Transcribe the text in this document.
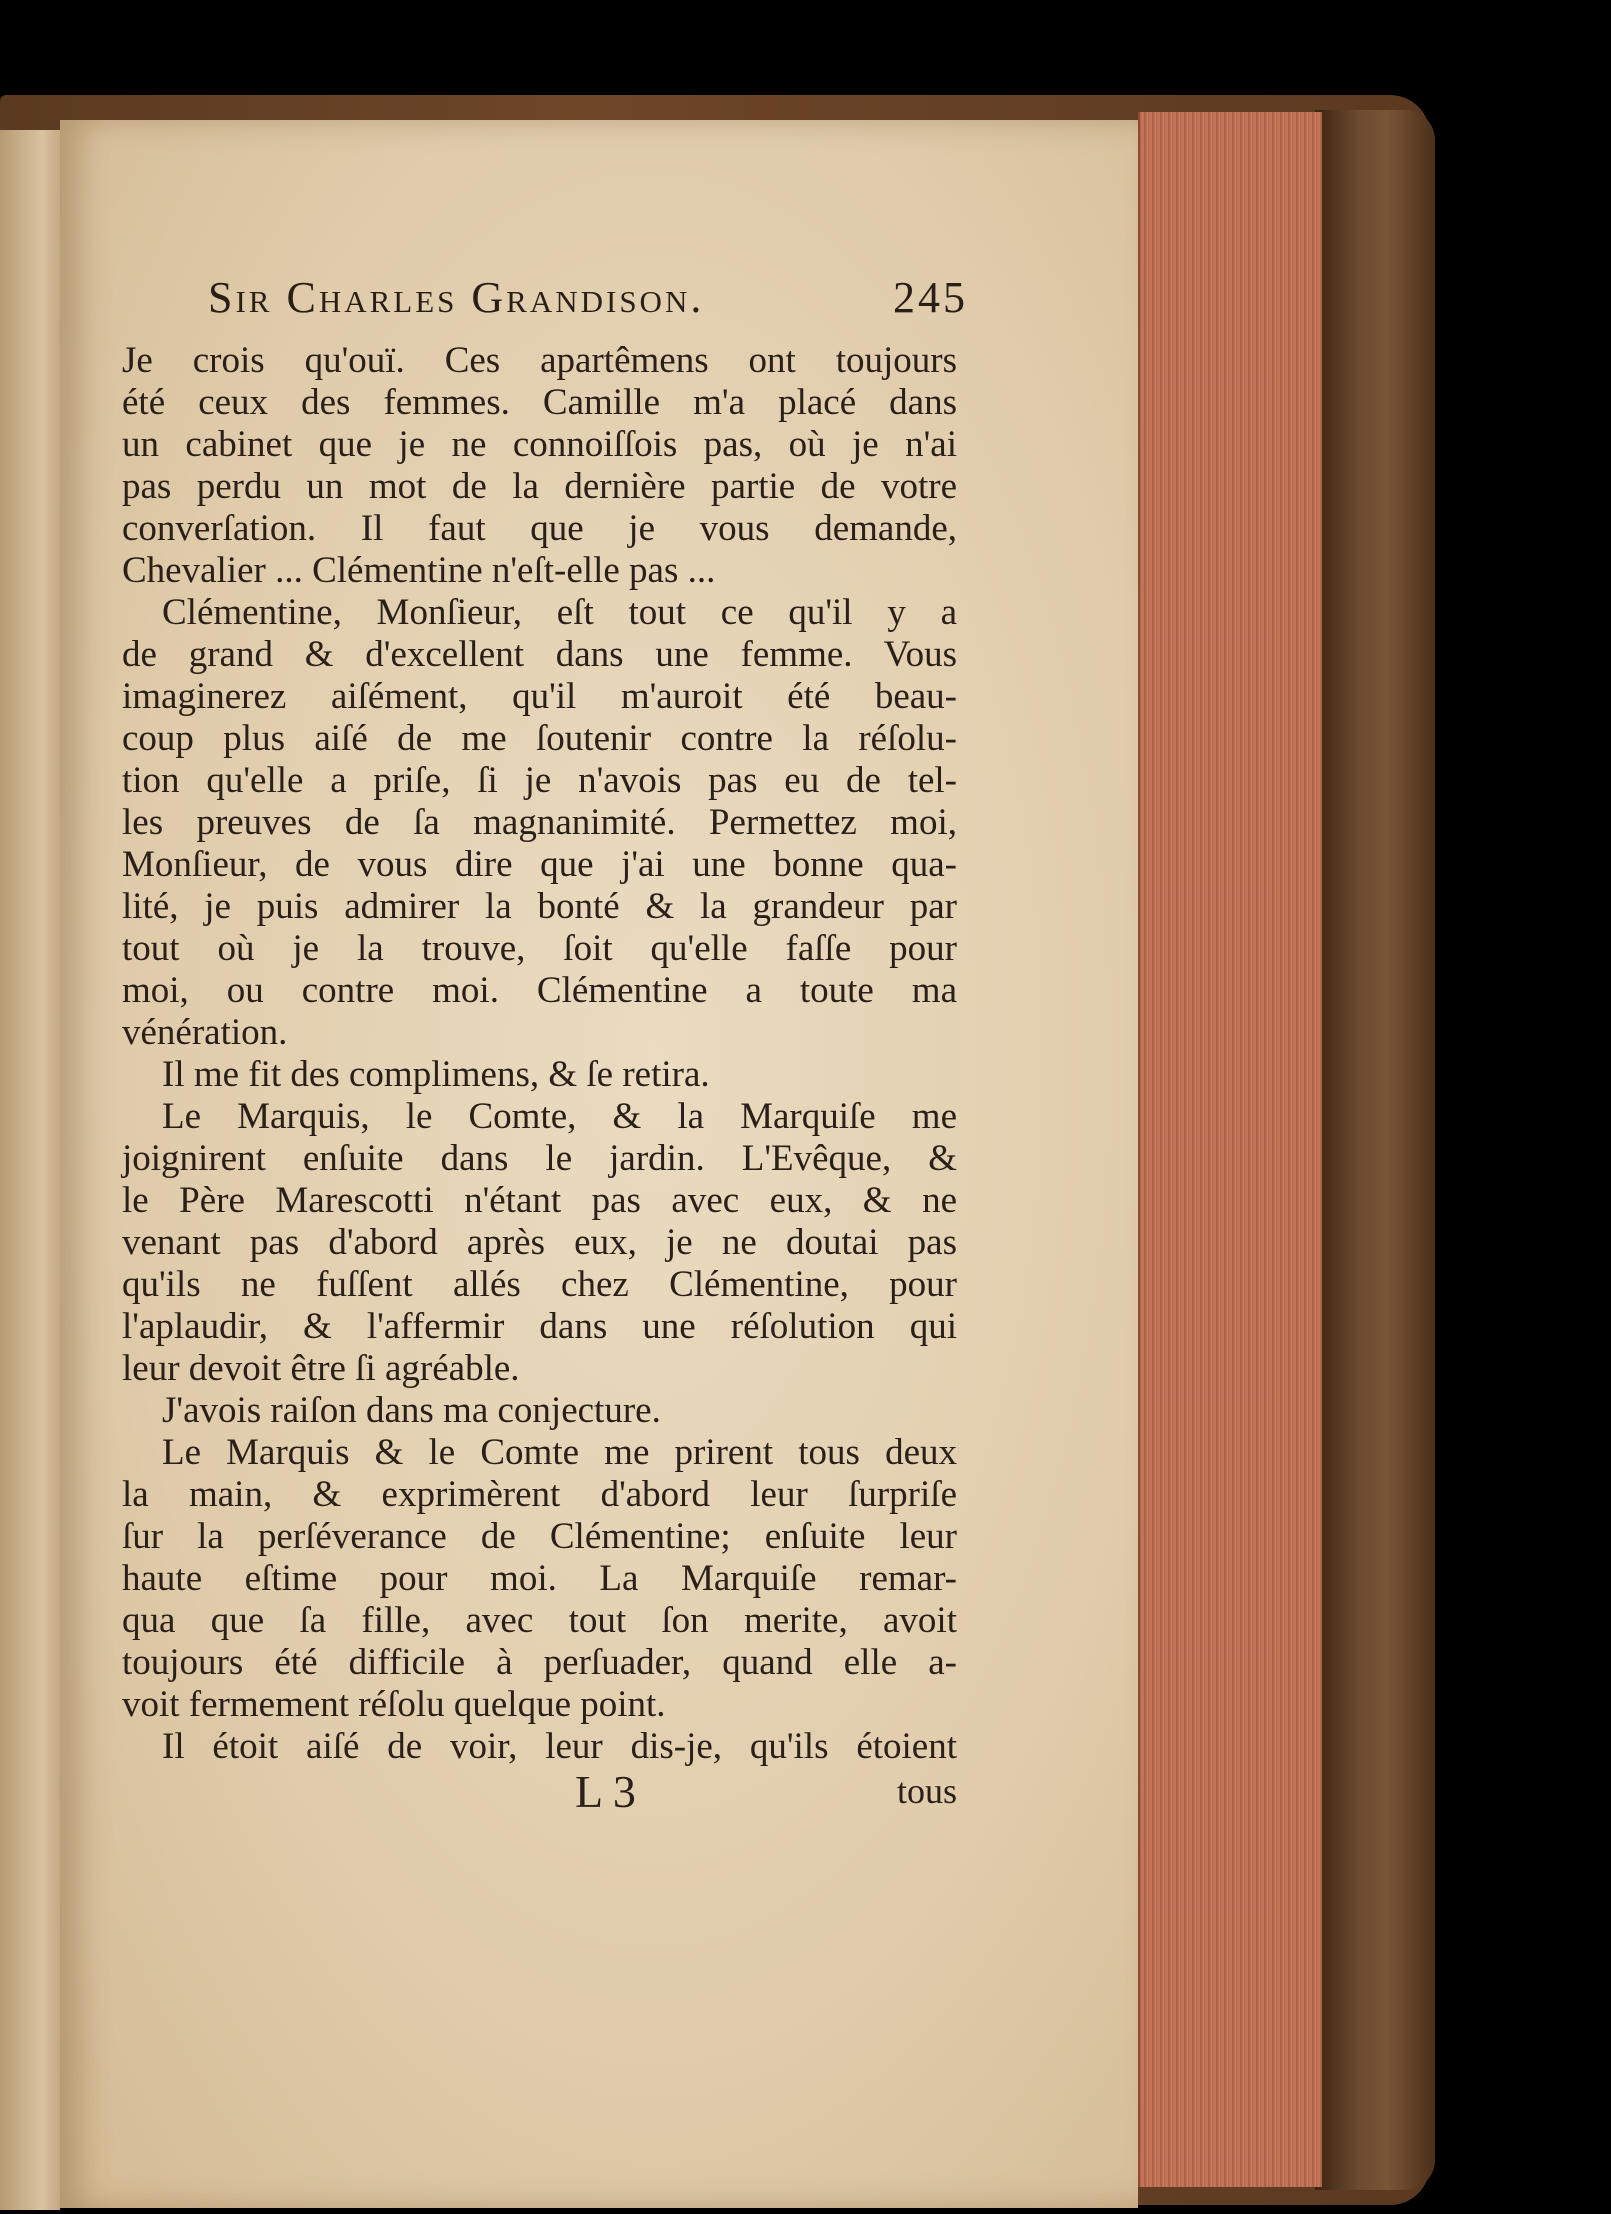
Sir Charles Grandison.	245
Je crois qu'ouï. Ces apartêmens ont toujours
été ceux des femmes. Camille m'a placé dans
un cabinet que je ne connoiſſois pas, où je n'ai
pas perdu un mot de la dernière partie de votre
converſation. Il faut que je vous demande,
Chevalier ... Clémentine n'eſt-elle pas ...
Clémentine, Monſieur, eſt tout ce qu'il y a
de grand & d'excellent dans une femme. Vous
imaginerez aiſément, qu'il m'auroit été beau-
coup plus aiſé de me ſoutenir contre la réſolu-
tion qu'elle a priſe, ſi je n'avois pas eu de tel-
les preuves de ſa magnanimité. Permettez moi,
Monſieur, de vous dire que j'ai une bonne qua-
lité, je puis admirer la bonté & la grandeur par
tout où je la trouve, ſoit qu'elle faſſe pour
moi, ou contre moi. Clémentine a toute ma
vénération.
Il me fit des complimens, & ſe retira.
Le Marquis, le Comte, & la Marquiſe me
joignirent enſuite dans le jardin. L'Evêque, &
le Père Marescotti n'étant pas avec eux, & ne
venant pas d'abord après eux, je ne doutai pas
qu'ils ne fuſſent allés chez Clémentine, pour
l'aplaudir, & l'affermir dans une réſolution qui
leur devoit être ſi agréable.
J'avois raiſon dans ma conjecture.
Le Marquis & le Comte me prirent tous deux
la main, & exprimèrent d'abord leur ſurpriſe
ſur la perſéverance de Clémentine; enſuite leur
haute eſtime pour moi. La Marquiſe remar-
qua que ſa fille, avec tout ſon merite, avoit
toujours été difficile à perſuader, quand elle a-
voit fermement réſolu quelque point.
Il étoit aiſé de voir, leur dis-je, qu'ils étoient
L 3	tous
